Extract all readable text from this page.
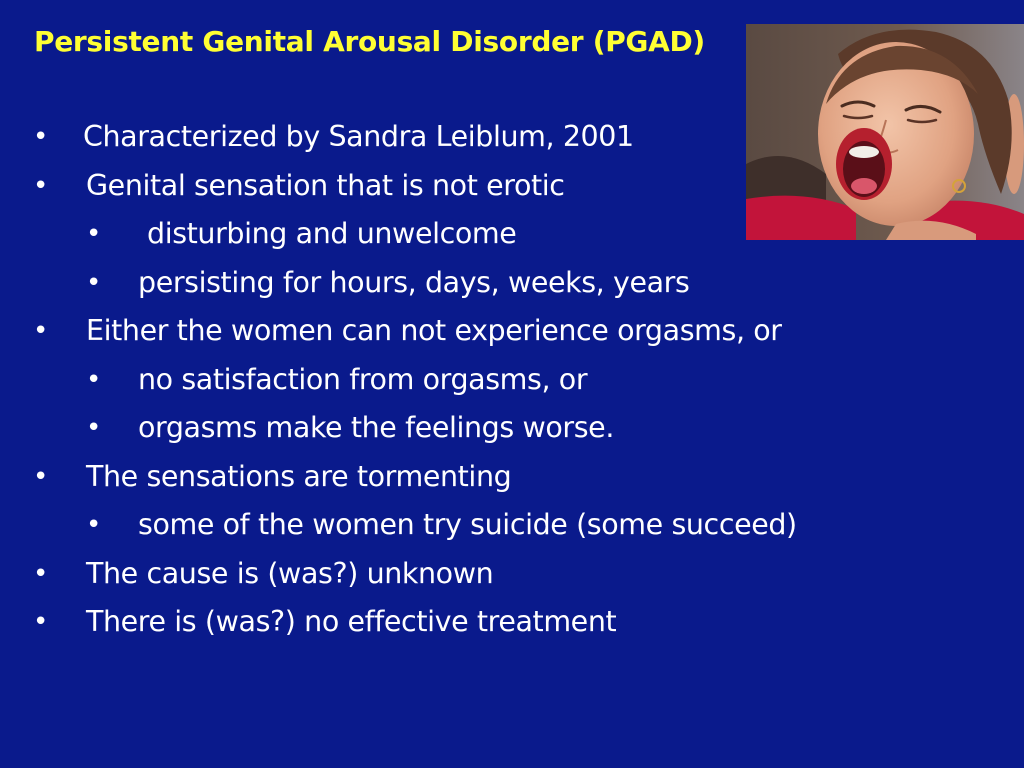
Persistent Genital Arousal Disorder (PGAD)
• Characterized by Sandra Leiblum, 2001
• Genital sensation that is not erotic
• disturbing and unwelcome
• persisting for hours, days, weeks, years
• Either the women can not experience orgasms, or
• no satisfaction from orgasms, or
• orgasms make the feelings worse.
• The sensations are tormenting
• some of the women try suicide (some succeed)
• The cause is (was?) unknown
• There is (was?) no effective treatment
